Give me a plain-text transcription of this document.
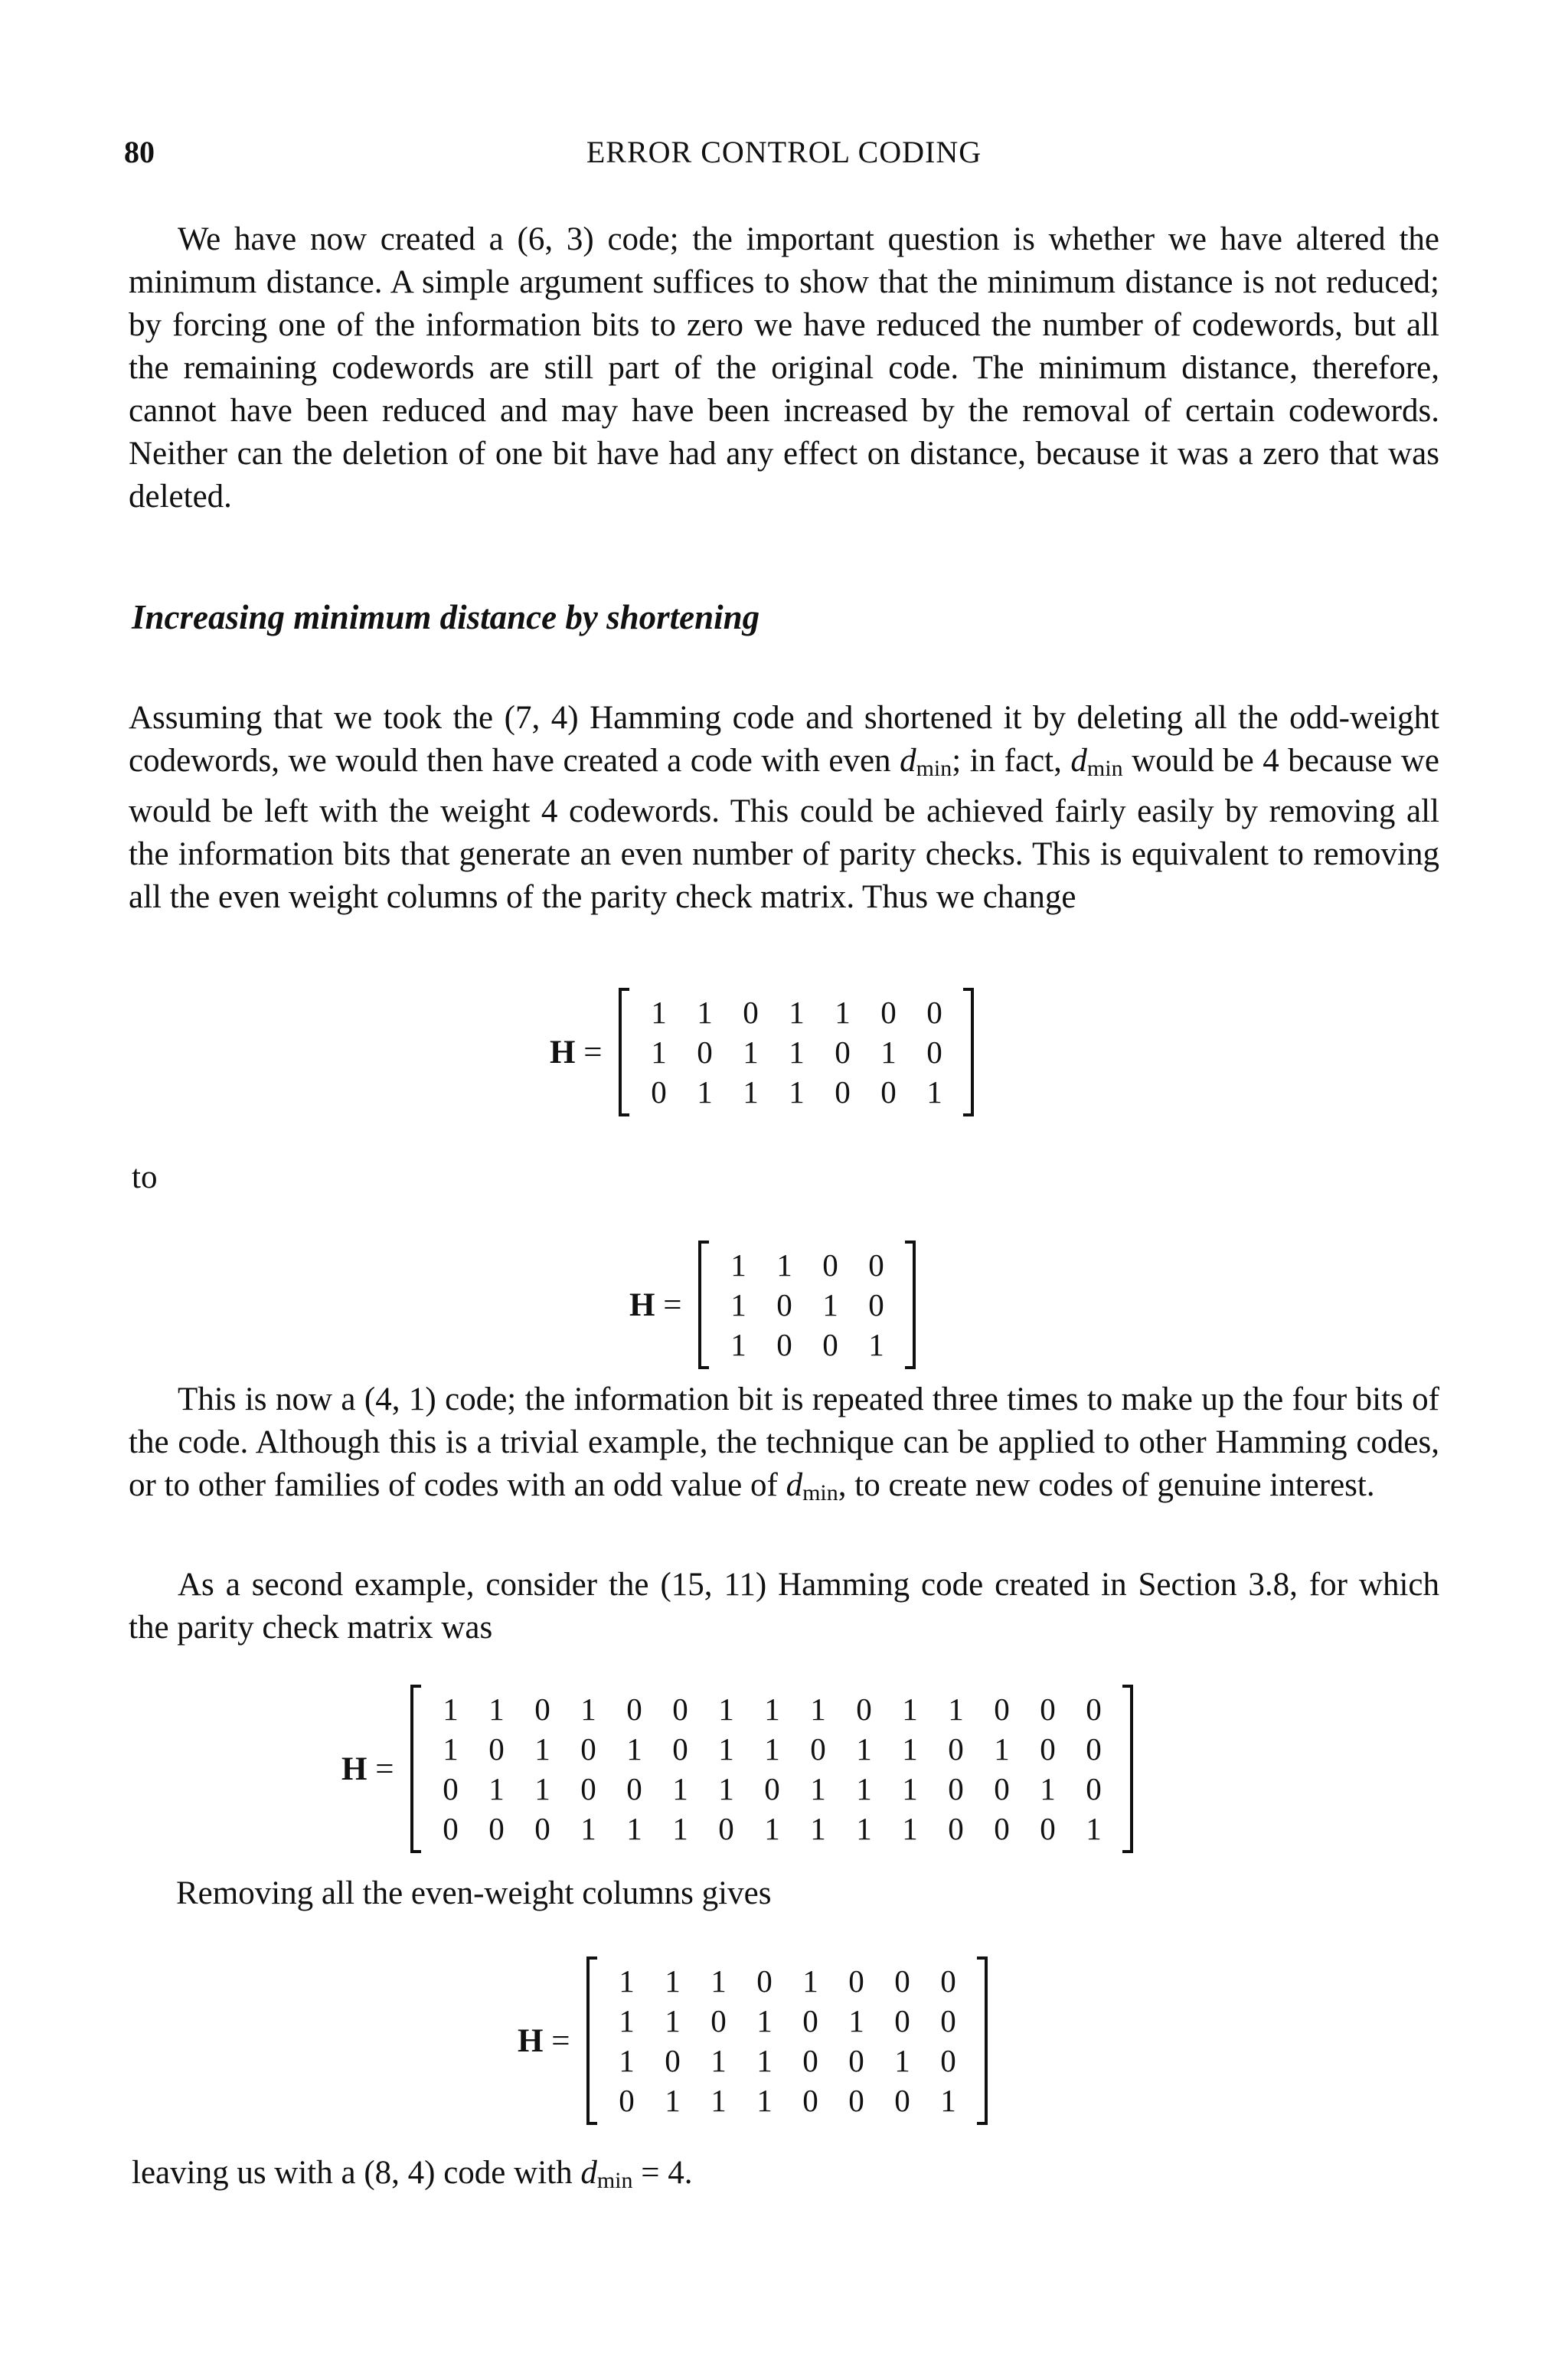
80	ERROR CONTROL CODING

We have now created a (6, 3) code; the important question is whether we have altered the minimum distance. A simple argument suffices to show that the minimum distance is not reduced; by forcing one of the information bits to zero we have reduced the number of codewords, but all the remaining codewords are still part of the original code. The minimum distance, therefore, cannot have been reduced and may have been increased by the removal of certain codewords. Neither can the deletion of one bit have had any effect on distance, because it was a zero that was deleted.

Increasing minimum distance by shortening

Assuming that we took the (7, 4) Hamming code and shortened it by deleting all the odd-weight codewords, we would then have created a code with even $d_{min}$; in fact, $d_{min}$ would be 4 because we would be left with the weight 4 codewords. This could be achieved fairly easily by removing all the information bits that generate an even number of parity checks. This is equivalent to removing all the even weight columns of the parity check matrix. Thus we change

H =
1 1 0 1 1 0 0
1 0 1 1 0 1 0
0 1 1 1 0 0 1
to
H =
1 1 0 0
1 0 1 0
1 0 0 1

This is now a (4, 1) code; the information bit is repeated three times to make up the four bits of the code. Although this is a trivial example, the technique can be applied to other Hamming codes, or to other families of codes with an odd value of $d_{min}$, to create new codes of genuine interest.

As a second example, consider the (15, 11) Hamming code created in Section 3.8, for which the parity check matrix was

H =
1 1 0 1 0 0 1 1 1 0 1 1 0 0 0
1 0 1 0 1 0 1 1 0 1 1 0 1 0 0
0 1 1 0 0 1 1 0 1 1 1 0 0 1 0
0 0 0 1 1 1 0 1 1 1 1 0 0 0 1
Removing all the even-weight columns gives
H =
1 1 1 0 1 0 0 0
1 1 0 1 0 1 0 0
1 0 1 1 0 0 1 0
0 1 1 1 0 0 0 1
leaving us with a (8, 4) code with $d_{min} = 4$.
